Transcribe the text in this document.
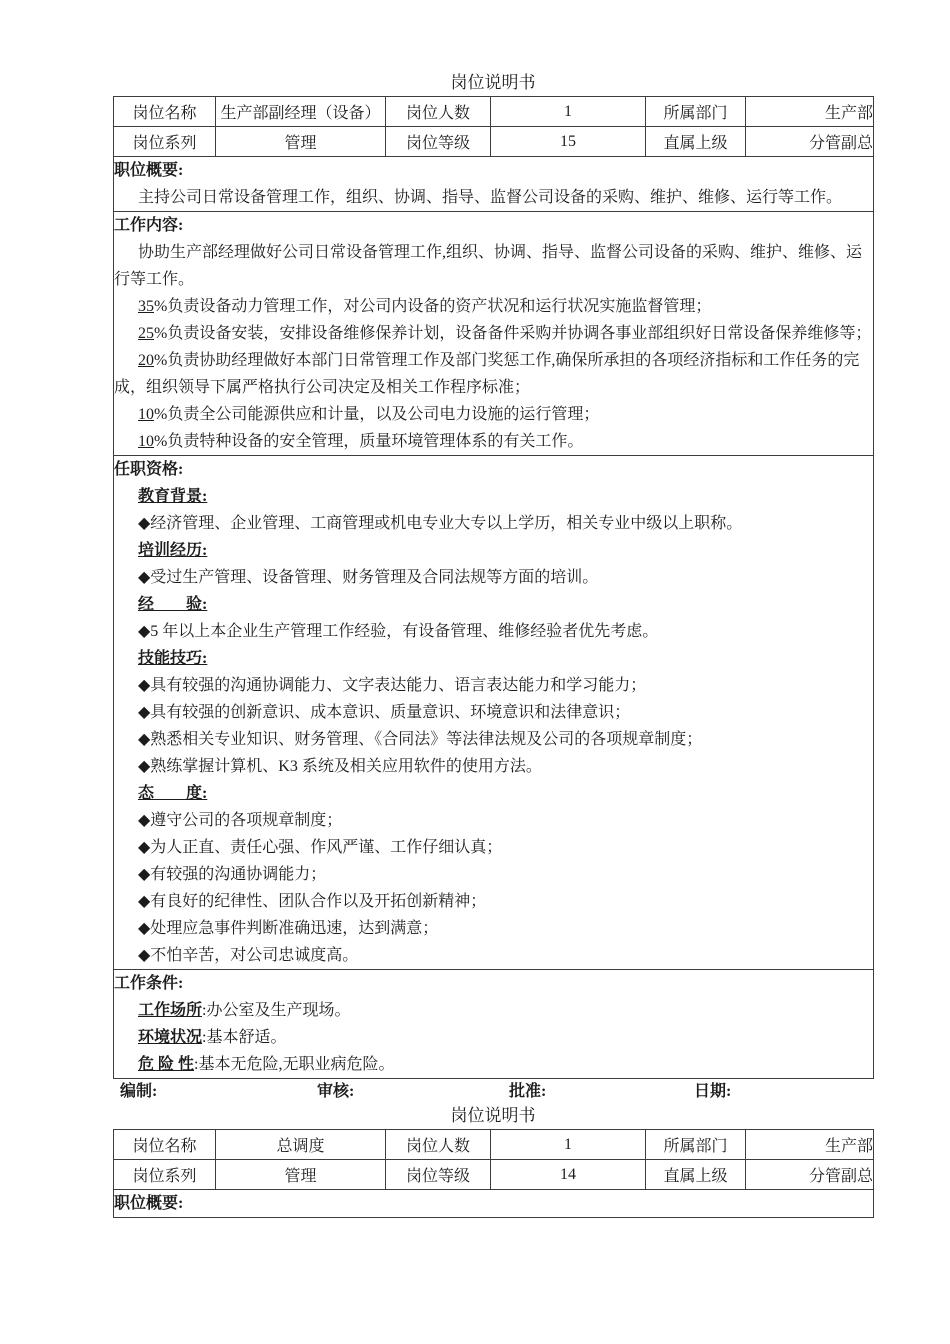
岗位说明书
岗位名称	生产部副经理（设备）	岗位人数	1	所属部门	生产部
岗位系列	管理	岗位等级	15	直属上级	分管副总

职位概要:

主持公司日常设备管理工作，组织、协调、指导、监督公司设备的采购、维护、维修、运行等工作。					

工作内容:

协助生产部经理做好公司日常设备管理工作,组织、协调、指导、监督公司设备的采购、维护、维修、运行等工作。

35%负责设备动力管理工作，对公司内设备的资产状况和运行状况实施监督管理；

25%负责设备安装，安排设备维修保养计划，设备备件采购并协调各事业部组织好日常设备保养维修等；

20%负责协助经理做好本部门日常管理工作及部门奖惩工作,确保所承担的各项经济指标和工作任务的完成，组织领导下属严格执行公司决定及相关工作程序标准；

10%负责全公司能源供应和计量，以及公司电力设施的运行管理；

10%负责特种设备的安全管理，质量环境管理体系的有关工作。

任职资格:
教育背景:
◆经济管理、企业管理、工商管理或机电专业大专以上学历，相关专业中级以上职称。
培训经历:
◆受过生产管理、设备管理、财务管理及合同法规等方面的培训。
经　　验:
◆5 年以上本企业生产管理工作经验，有设备管理、维修经验者优先考虑。
技能技巧:
◆具有较强的沟通协调能力、文字表达能力、语言表达能力和学习能力；
◆具有较强的创新意识、成本意识、质量意识、环境意识和法律意识；
◆熟悉相关专业知识、财务管理、《合同法》等法律法规及公司的各项规章制度；
◆熟练掌握计算机、K3 系统及相关应用软件的使用方法。
态　　度:
◆遵守公司的各项规章制度；
◆为人正直、责任心强、作风严谨、工作仔细认真；
◆有较强的沟通协调能力；
◆有良好的纪律性、团队合作以及开拓创新精神；
◆处理应急事件判断准确迅速，达到满意；
◆不怕辛苦，对公司忠诚度高。

工作条件:
工作场所:办公室及生产现场。
环境状况:基本舒适。
危 险 性:基本无危险,无职业病危险。					
编制:	审核:	批准:	日期:
岗位说明书
岗位名称	总调度	岗位人数	1	所属部门	生产部
岗位系列	管理	岗位等级	14	直属上级	分管副总
职位概要:					
